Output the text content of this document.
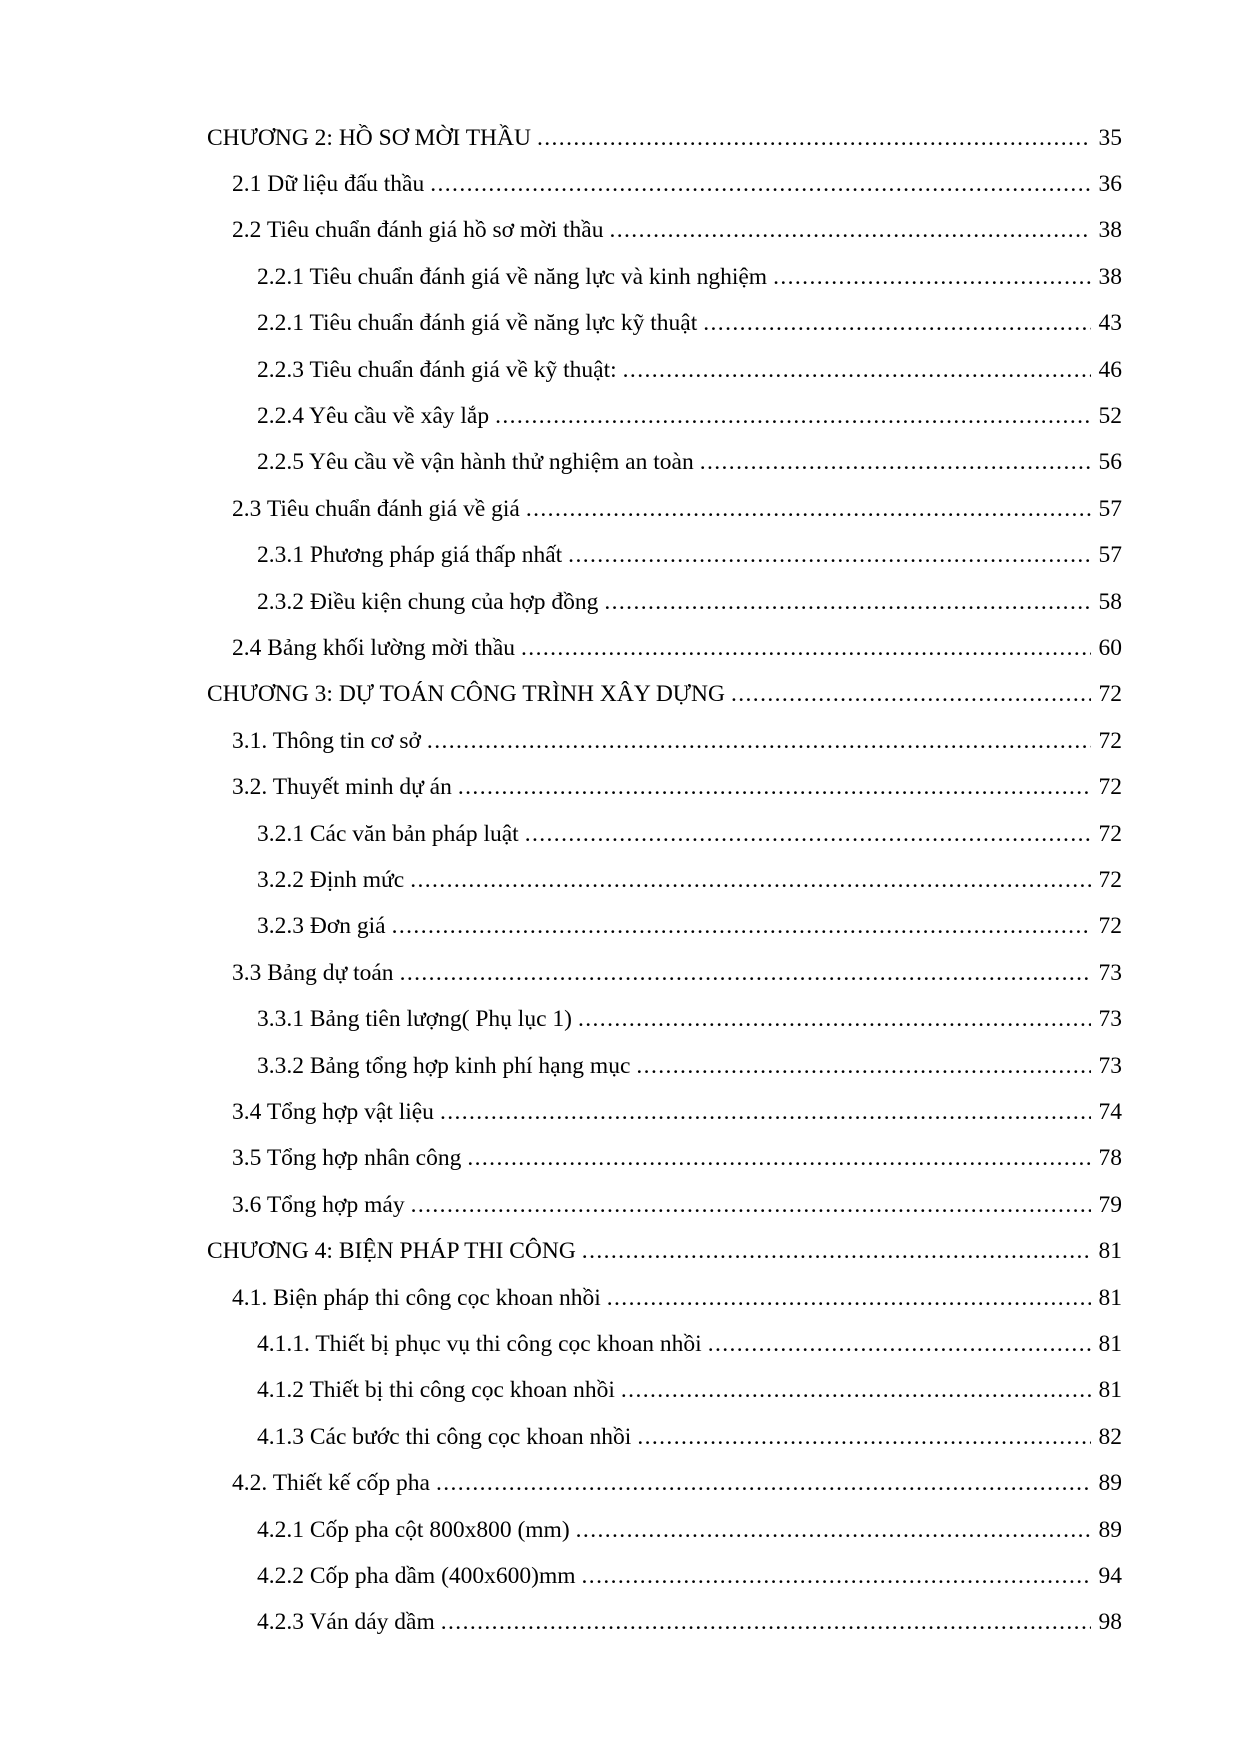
CHƯƠNG 2: HỒ SƠ MỜI THẦU .....	35
2.1 Dữ liệu đấu thầu .....	36
2.2 Tiêu chuẩn đánh giá hồ sơ mời thầu .....	38
2.2.1 Tiêu chuẩn đánh giá về năng lực và kinh nghiệm .....	38
2.2.1 Tiêu chuẩn đánh giá về năng lực kỹ thuật .....	43
2.2.3 Tiêu chuẩn đánh giá về kỹ thuật: .....	46
2.2.4 Yêu cầu về xây lắp .....	52
2.2.5 Yêu cầu về vận hành thử nghiệm an toàn .....	56
2.3 Tiêu chuẩn đánh giá về giá .....	57
2.3.1 Phương pháp giá thấp nhất .....	57
2.3.2 Điều kiện chung của hợp đồng .....	58
2.4 Bảng khối lường mời thầu .....	60
CHƯƠNG 3: DỰ TOÁN CÔNG TRÌNH XÂY DỰNG .....	72
3.1. Thông tin cơ sở .....	72
3.2. Thuyết minh dự án .....	72
3.2.1 Các văn bản pháp luật .....	72
3.2.2 Định mức .....	72
3.2.3 Đơn giá .....	72
3.3 Bảng dự toán .....	73
3.3.1 Bảng tiên lượng( Phụ lục 1) .....	73
3.3.2 Bảng tổng hợp kinh phí hạng mục .....	73
3.4 Tổng hợp vật liệu .....	74
3.5 Tổng hợp nhân công .....	78
3.6 Tổng hợp máy .....	79
CHƯƠNG 4: BIỆN PHÁP THI CÔNG .....	81
4.1. Biện pháp thi công cọc khoan nhồi .....	81
4.1.1. Thiết bị phục vụ thi công cọc khoan nhồi .....	81
4.1.2 Thiết bị thi công cọc khoan nhồi .....	81
4.1.3 Các bước thi công cọc khoan nhồi .....	82
4.2. Thiết kế cốp pha .....	89
4.2.1 Cốp pha cột 800x800 (mm) .....	89
4.2.2 Cốp pha dầm (400x600)mm .....	94
4.2.3 Ván dáy dầm .....	98
